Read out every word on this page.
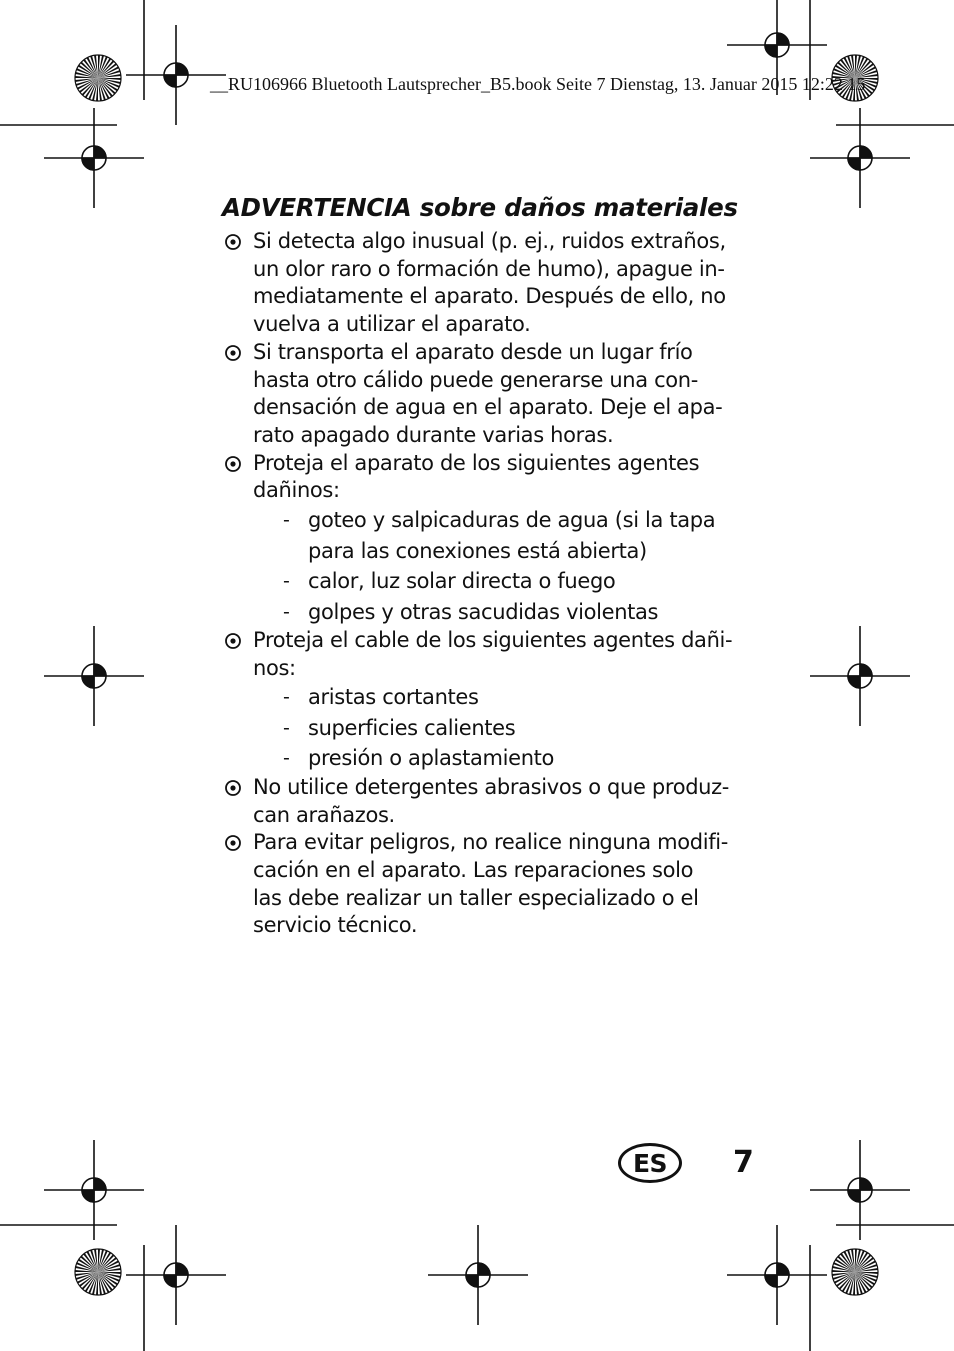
__RU106966 Bluetooth Lautsprecher_B5.book Seite 7 Dienstag, 13. Januar 2015 12:22 15
ADVERTENCIA sobre daños materiales
Si detecta algo inusual (p. ej., ruidos extraños,
un olor raro o formación de humo), apague in-
mediatamente el aparato. Después de ello, no
vuelva a utilizar el aparato.
Si transporta el aparato desde un lugar frío
hasta otro cálido puede generarse una con-
densación de agua en el aparato. Deje el apa-
rato apagado durante varias horas.
Proteja el aparato de los siguientes agentes
dañinos:
- goteo y salpicaduras de agua (si la tapa
para las conexiones está abierta)
- calor, luz solar directa o fuego
- golpes y otras sacudidas violentas
Proteja el cable de los siguientes agentes dañi-
nos:
- aristas cortantes
- superficies calientes
- presión o aplastamiento
No utilice detergentes abrasivos o que produz-
can arañazos.
Para evitar peligros, no realice ninguna modifi-
cación en el aparato. Las reparaciones solo
las debe realizar un taller especializado o el
servicio técnico.
ES	7
